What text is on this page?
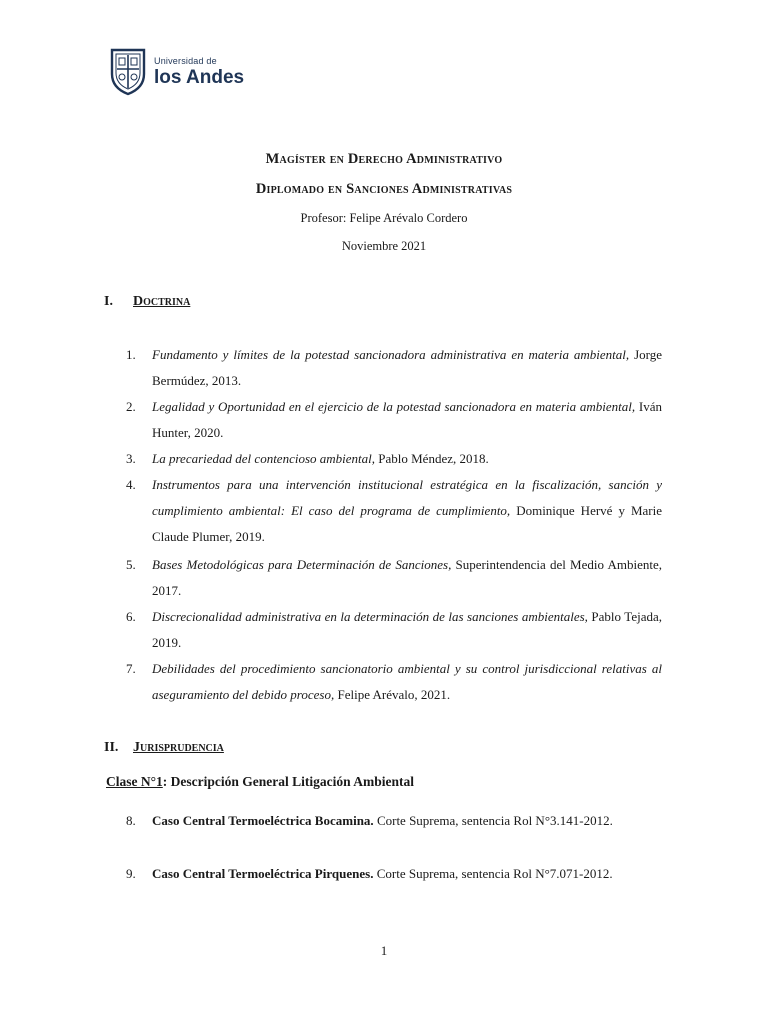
Universidad de
los Andes
Magíster en Derecho Administrativo
Diplomado en Sanciones Administrativas
Profesor: Felipe Arévalo Cordero
Noviembre 2021
I. Doctrina
1.	Fundamento y límites de la potestad sancionadora administrativa en materia ambiental, Jorge Bermúdez, 2013.
2.	Legalidad y Oportunidad en el ejercicio de la potestad sancionadora en materia ambiental, Iván Hunter, 2020.
3.	La precariedad del contencioso ambiental, Pablo Méndez, 2018.
4.	Instrumentos para una intervención institucional estratégica en la fiscalización, sanción y cumplimiento ambiental: El caso del programa de cumplimiento, Dominique Hervé y Marie Claude Plumer, 2019.
5.	Bases Metodológicas para Determinación de Sanciones, Superintendencia del Medio Ambiente, 2017.
6.	Discrecionalidad administrativa en la determinación de las sanciones ambientales, Pablo Tejada, 2019.
7.	Debilidades del procedimiento sancionatorio ambiental y su control jurisdiccional relativas al aseguramiento del debido proceso, Felipe Arévalo, 2021.
II. Jurisprudencia
Clase N°1: Descripción General Litigación Ambiental
8.	Caso Central Termoeléctrica Bocamina. Corte Suprema, sentencia Rol N°3.141-2012.
9.	Caso Central Termoeléctrica Pirquenes. Corte Suprema, sentencia Rol N°7.071-2012.
1
